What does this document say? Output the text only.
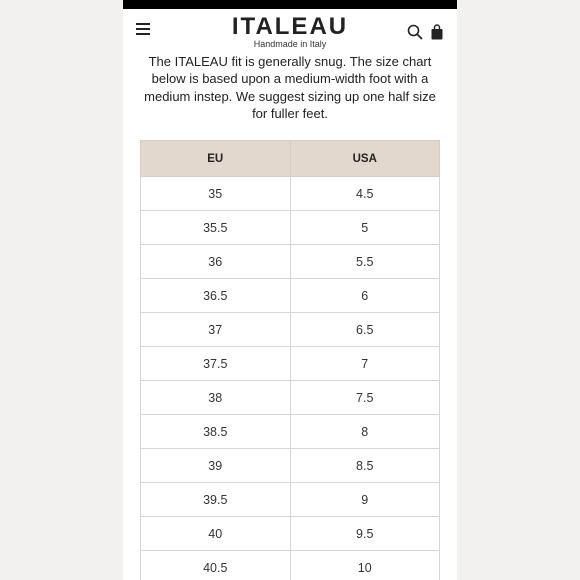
ITALEAU
Handmade in Italy

The ITALEAU fit is generally snug. The size chart below is based upon a medium-width foot with a medium instep. We suggest sizing up one half size for fuller feet.

EU	USA
35	4.5
35.5	5
36	5.5
36.5	6
37	6.5
37.5	7
38	7.5
38.5	8
39	8.5
39.5	9
40	9.5
40.5	10
